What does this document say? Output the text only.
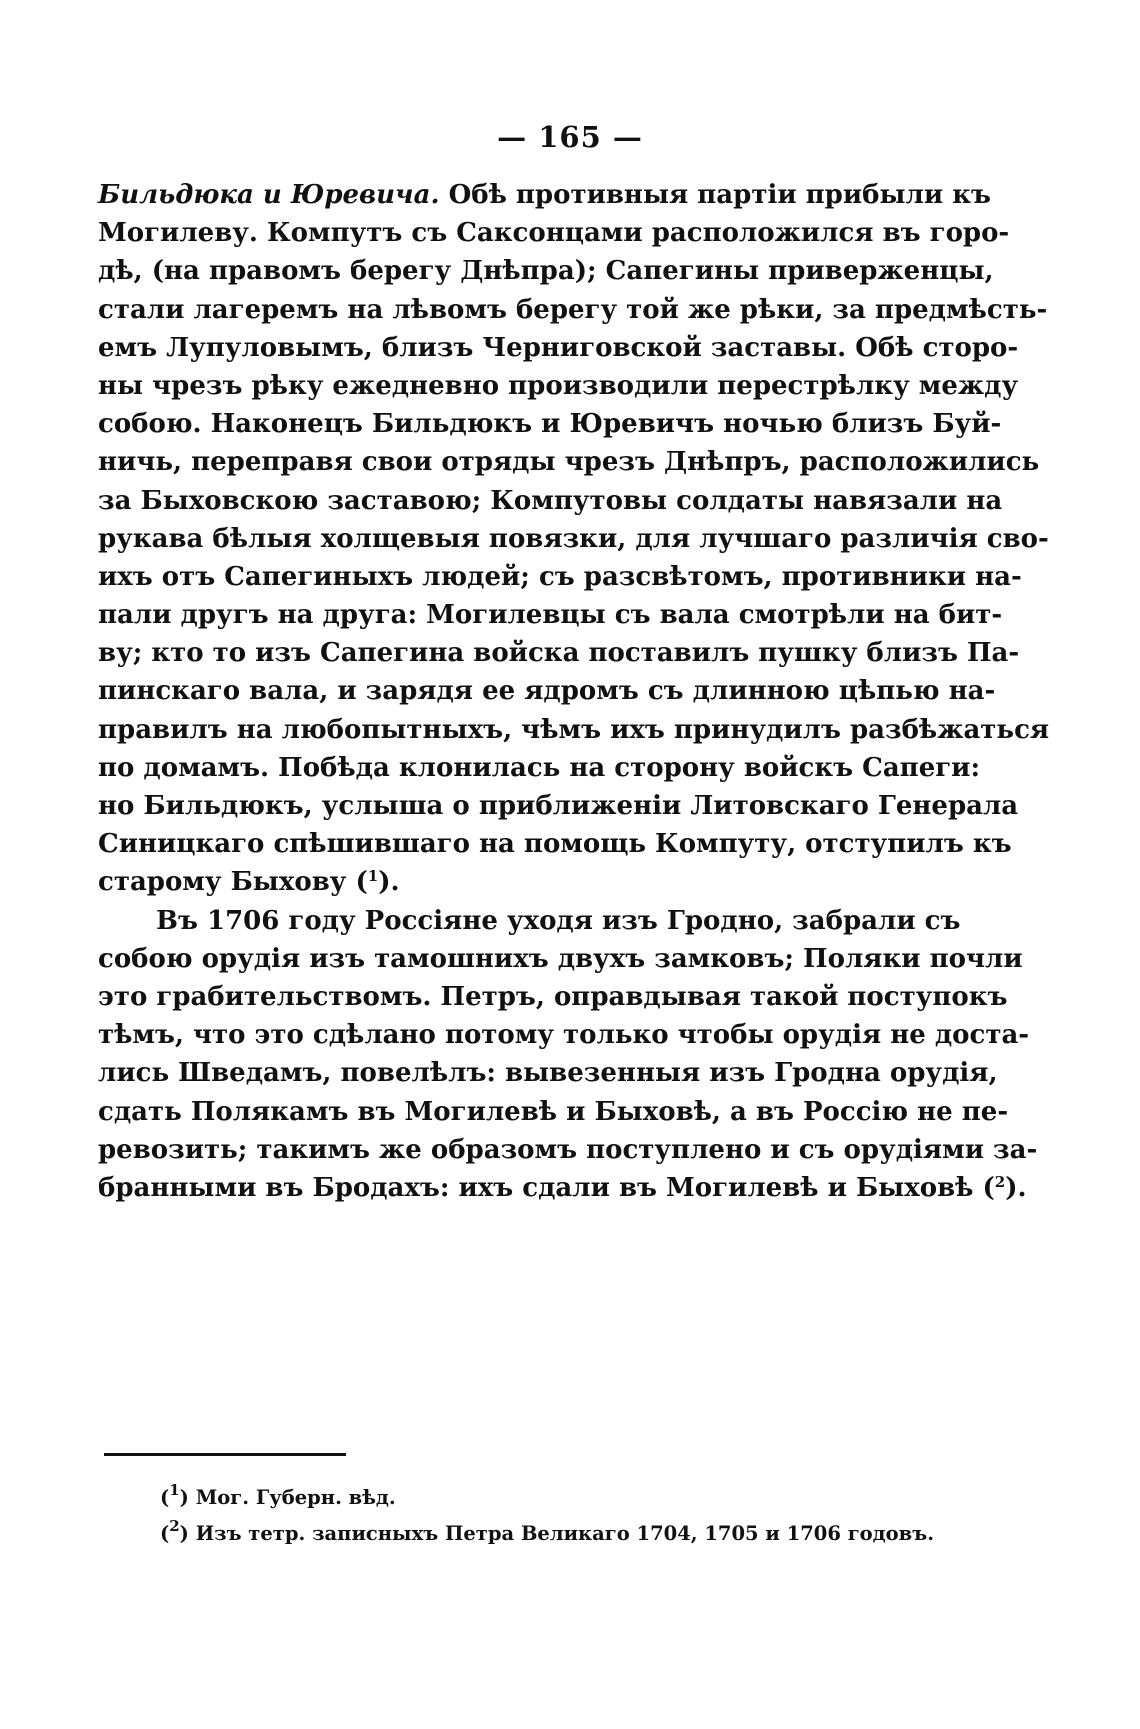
— 165 —
Бильдюка и Юревича. Обѣ противныя партіи прибыли къ
Могилеву. Компутъ съ Саксонцами расположился въ горо-
дѣ, (на правомъ берегу Днѣпра); Сапегины приверженцы,
стали лагеремъ на лѣвомъ берегу той же рѣки, за предмѣсть-
емъ Лупуловымъ, близъ Черниговской заставы. Обѣ сторо-
ны чрезъ рѣку ежедневно производили перестрѣлку между
собою. Наконецъ Бильдюкъ и Юревичъ ночью близъ Буй-
ничь, переправя свои отряды чрезъ Днѣпръ, расположились
за Быховскою заставою; Компутовы солдаты навязали на
рукава бѣлыя холщевыя повязки, для лучшаго различія сво-
ихъ отъ Сапегиныхъ людей; съ разсвѣтомъ, противники на-
пали другъ на друга: Могилевцы съ вала смотрѣли на бит-
ву; кто то изъ Сапегина войска поставилъ пушку близъ Па-
пинскаго вала, и зарядя ее ядромъ съ длинною цѣпью на-
правилъ на любопытныхъ, чѣмъ ихъ принудилъ разбѣжаться
по домамъ. Побѣда клонилась на сторону войскъ Сапеги:
но Бильдюкъ, услыша о приближеніи Литовскаго Генерала
Синицкаго спѣшившаго на помощь Компуту, отступилъ къ
старому Быхову ($^1$).
Въ 1706 году Россіяне уходя изъ Гродно, забрали съ
собою орудія изъ тамошнихъ двухъ замковъ; Поляки почли
это грабительствомъ. Петръ, оправдывая такой поступокъ
тѣмъ, что это сдѣлано потому только чтобы орудія не доста-
лись Шведамъ, повелѣлъ: вывезенныя изъ Гродна орудія,
сдать Полякамъ въ Могилевѣ и Быховѣ, а въ Россію не пе-
ревозить; такимъ же образомъ поступлено и съ орудіями за-
бранными въ Бродахъ: ихъ сдали въ Могилевѣ и Быховѣ ($^2$).
($^1$) Мог. Губерн. вѣд.
($^2$) Изъ тетр. записныхъ Петра Великаго 1704, 1705 и 1706 годовъ.
